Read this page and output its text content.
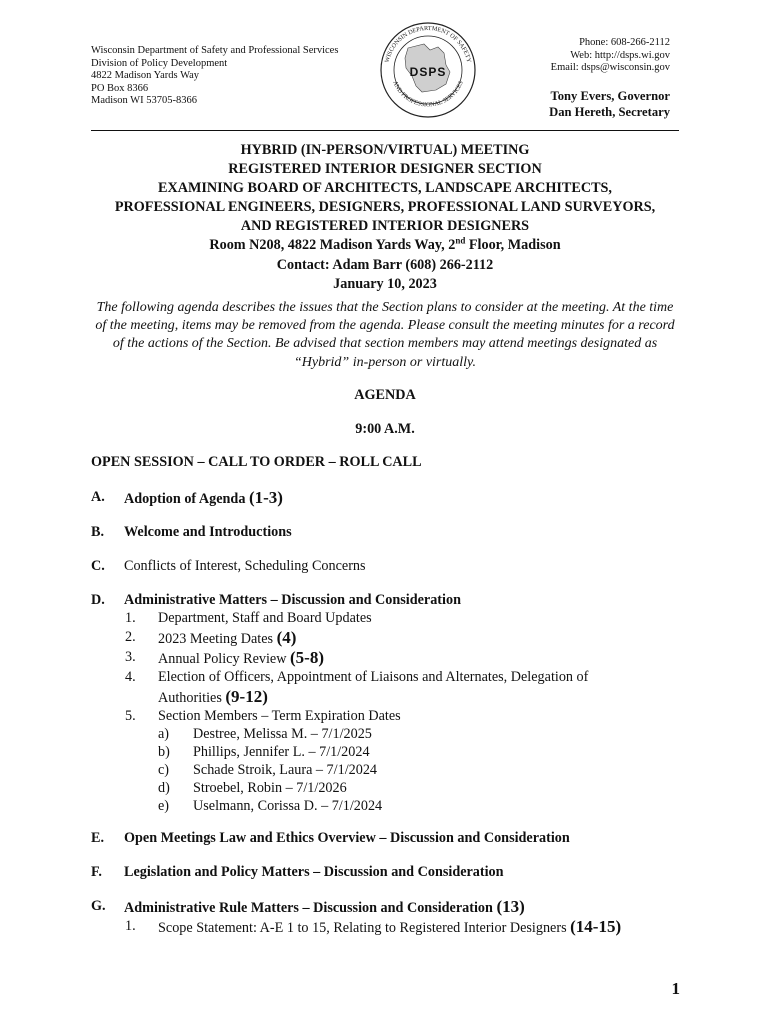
Wisconsin Department of Safety and Professional Services
Division of Policy Development
4822 Madison Yards Way
PO Box 8366
Madison WI 53705-8366
WISCONSIN DEPARTMENT OF SAFETY
AND PROFESSIONAL SERVICES
DSPS
Phone: 608-266-2112
Web: http://dsps.wi.gov
Email: dsps@wisconsin.gov
Tony Evers, Governor
Dan Hereth, Secretary
HYBRID (IN-PERSON/VIRTUAL) MEETING
REGISTERED INTERIOR DESIGNER SECTION
EXAMINING BOARD OF ARCHITECTS, LANDSCAPE ARCHITECTS,
PROFESSIONAL ENGINEERS, DESIGNERS, PROFESSIONAL LAND SURVEYORS,
AND REGISTERED INTERIOR DESIGNERS
Room N208, 4822 Madison Yards Way, 2nd Floor, Madison
Contact: Adam Barr (608) 266-2112
January 10, 2023
The following agenda describes the issues that the Section plans to consider at the meeting. At the time of the meeting, items may be removed from the agenda. Please consult the meeting minutes for a record of the actions of the Section. Be advised that section members may attend meetings designated as “Hybrid” in-person or virtually.
AGENDA
9:00 A.M.
OPEN SESSION – CALL TO ORDER – ROLL CALL
A. Adoption of Agenda (1-3)
B. Welcome and Introductions
C. Conflicts of Interest, Scheduling Concerns
D. Administrative Matters – Discussion and Consideration
1. Department, Staff and Board Updates
2. 2023 Meeting Dates (4)
3. Annual Policy Review (5-8)
4. Election of Officers, Appointment of Liaisons and Alternates, Delegation of
Authorities (9-12)
5. Section Members – Term Expiration Dates
a) Destree, Melissa M. – 7/1/2025
b) Phillips, Jennifer L. – 7/1/2024
c) Schade Stroik, Laura – 7/1/2024
d) Stroebel, Robin – 7/1/2026
e) Uselmann, Corissa D. – 7/1/2024
E. Open Meetings Law and Ethics Overview – Discussion and Consideration
F. Legislation and Policy Matters – Discussion and Consideration
G. Administrative Rule Matters – Discussion and Consideration (13)
1. Scope Statement: A-E 1 to 15, Relating to Registered Interior Designers (14-15)
1
